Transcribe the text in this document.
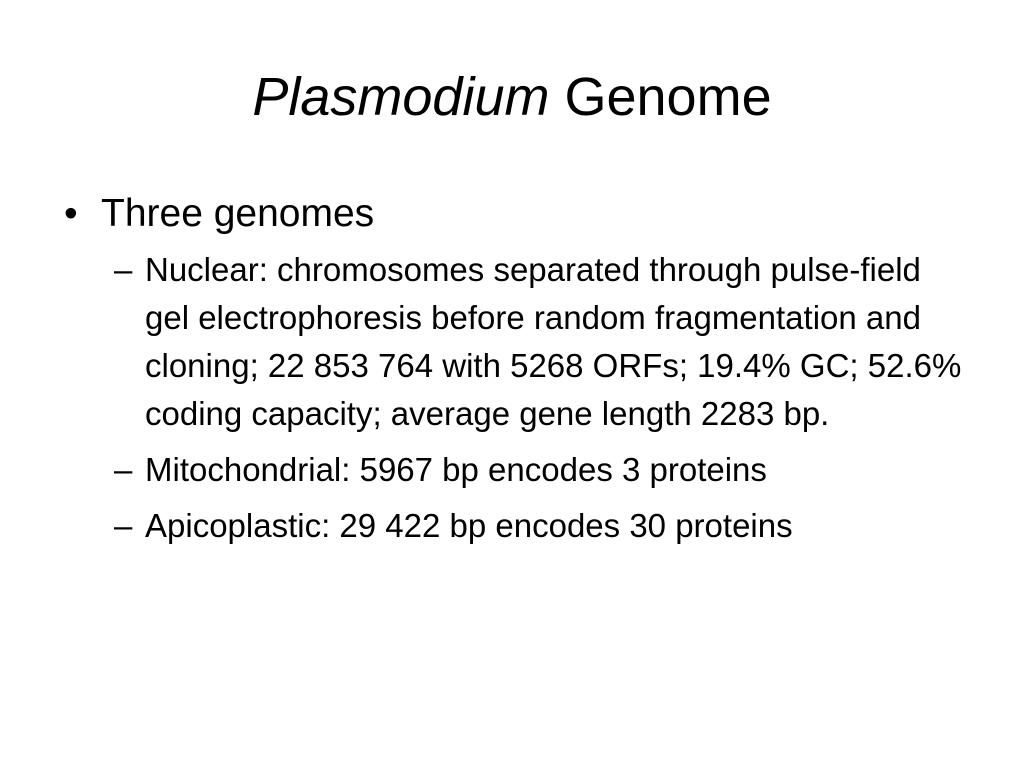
Plasmodium Genome
• Three genomes
– Nuclear: chromosomes separated through pulse-field gel electrophoresis before random fragmentation and cloning; 22 853 764 with 5268 ORFs; 19.4% GC; 52.6% coding capacity; average gene length 2283 bp.
– Mitochondrial: 5967 bp encodes 3 proteins
– Apicoplastic: 29 422 bp encodes 30 proteins
